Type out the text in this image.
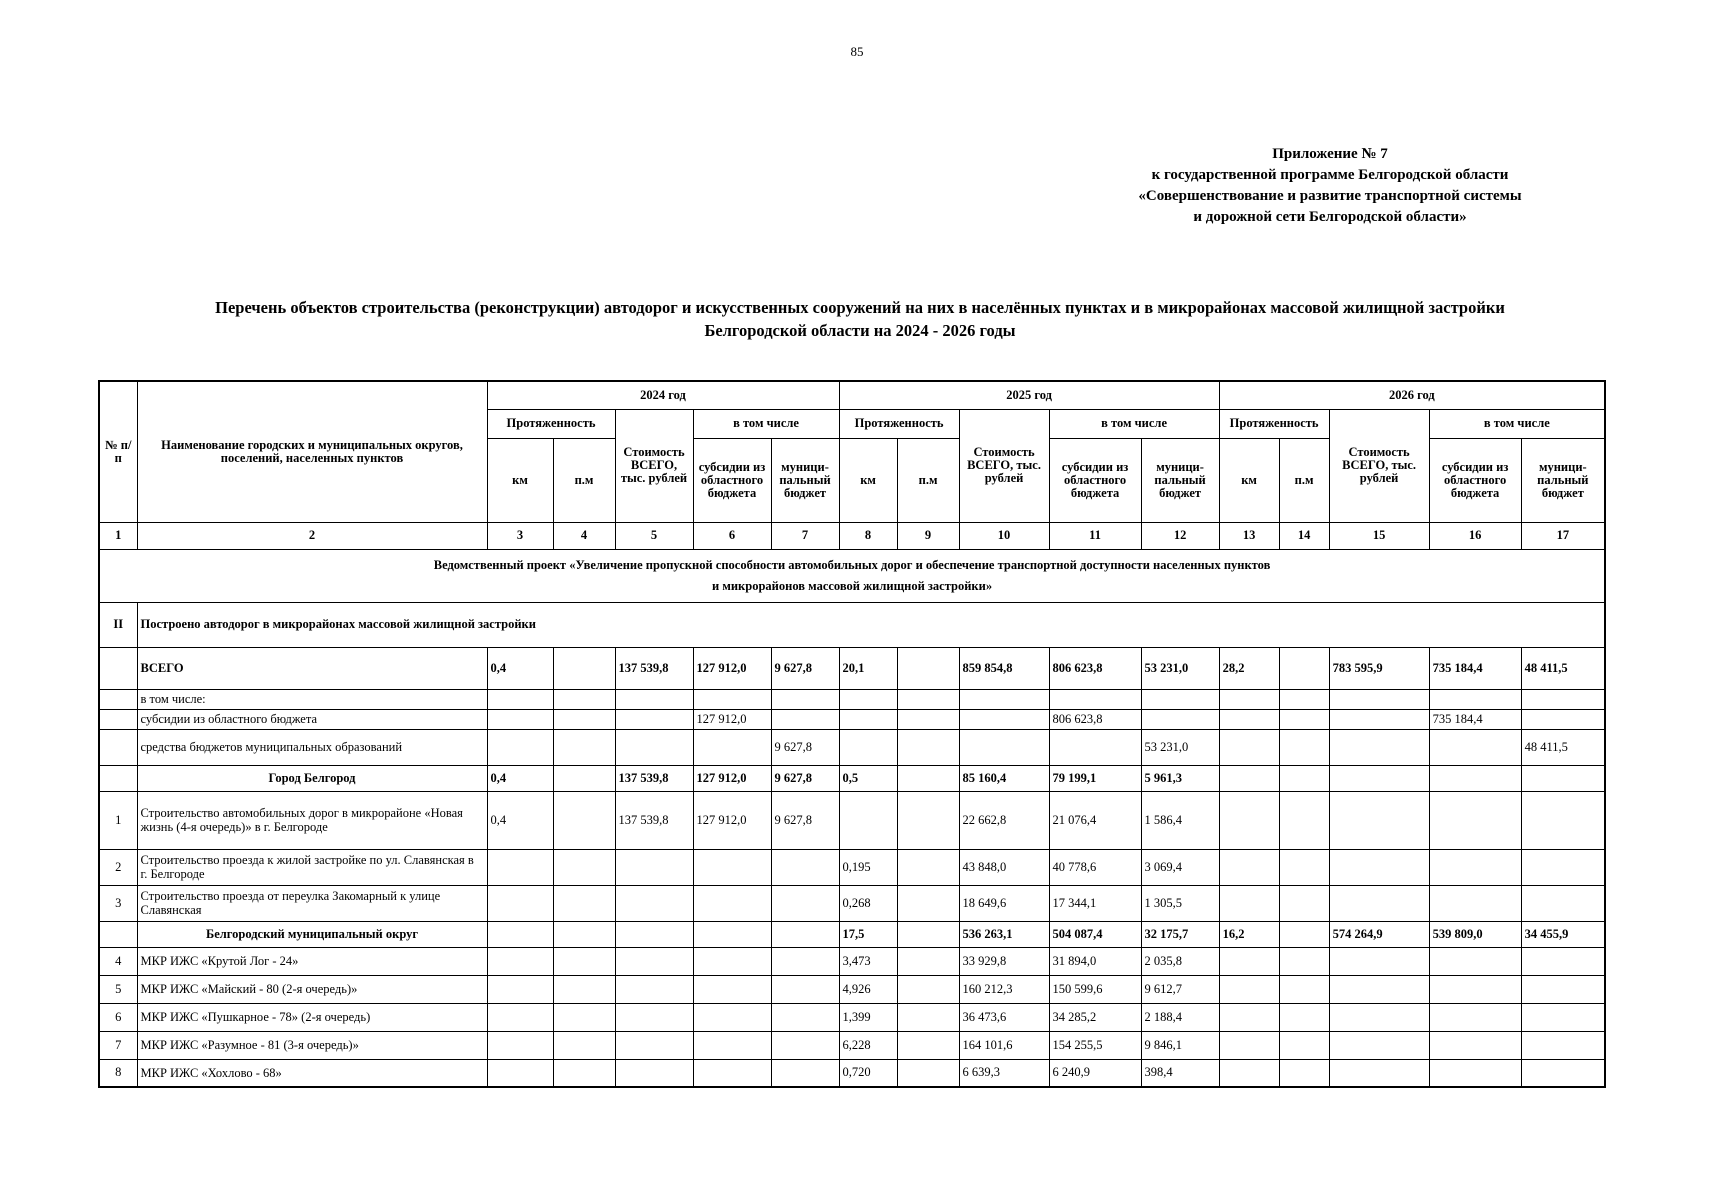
85
Приложение № 7
к государственной программе Белгородской области
«Совершенствование и развитие транспортной системы
и дорожной сети Белгородской области»
Перечень объектов строительства (реконструкции) автодорог и искусственных сооружений на них в населённых пунктах и в микрорайонах массовой жилищной застройки
Белгородской области на 2024 - 2026 годы
№ п/п	Наименование городских и муниципальных округов, поселений, населенных пунктов	2024 год					2025 год					2026 год				
		Протяженность		Стоимость ВСЕГО, тыс. рублей	в том числе		Протяженность		Стоимость ВСЕГО, тыс. рублей	в том числе		Протяженность		Стоимость ВСЕГО, тыс. рублей	в том числе	
		км	п.м		субсидии из областного бюджета	муници-пальный бюджет	км	п.м		субсидии из областного бюджета	муници-пальный бюджет	км	п.м		субсидии из областного бюджета	муници-пальный бюджет
1	2	3	4	5	6	7	8	9	10	11	12	13	14	15	16	17

Ведомственный проект «Увеличение пропускной способности автомобильных дорог и обеспечение транспортной доступности населенных пунктов
и микрорайонов массовой жилищной застройки»																

II	Построено автодорог в микрорайонах массовой жилищной застройки															
	ВСЕГО	0,4		137 539,8	127 912,0	9 627,8	20,1		859 854,8	806 623,8	53 231,0	28,2		783 595,9	735 184,4	48 411,5
	в том числе:															
	субсидии из областного бюджета				127 912,0					806 623,8					735 184,4	
	средства бюджетов муниципальных образований					9 627,8					53 231,0					48 411,5
	Город Белгород	0,4		137 539,8	127 912,0	9 627,8	0,5		85 160,4	79 199,1	5 961,3					
1	Строительство автомобильных дорог в микрорайоне «Новая жизнь (4-я очередь)» в г. Белгороде	0,4		137 539,8	127 912,0	9 627,8			22 662,8	21 076,4	1 586,4					
2	Строительство проезда к жилой застройке по ул. Славянская в г. Белгороде						0,195		43 848,0	40 778,6	3 069,4					
3	Строительство проезда от переулка Закомарный к улице Славянская						0,268		18 649,6	17 344,1	1 305,5					
	Белгородский муниципальный округ						17,5		536 263,1	504 087,4	32 175,7	16,2		574 264,9	539 809,0	34 455,9
4	МКР ИЖС «Крутой Лог - 24»						3,473		33 929,8	31 894,0	2 035,8					
5	МКР ИЖС «Майский - 80 (2-я очередь)»						4,926		160 212,3	150 599,6	9 612,7					
6	МКР ИЖС «Пушкарное - 78» (2-я очередь)						1,399		36 473,6	34 285,2	2 188,4					
7	МКР ИЖС «Разумное - 81 (3-я очередь)»						6,228		164 101,6	154 255,5	9 846,1					
8	МКР ИЖС «Хохлово - 68»						0,720		6 639,3	6 240,9	398,4					
